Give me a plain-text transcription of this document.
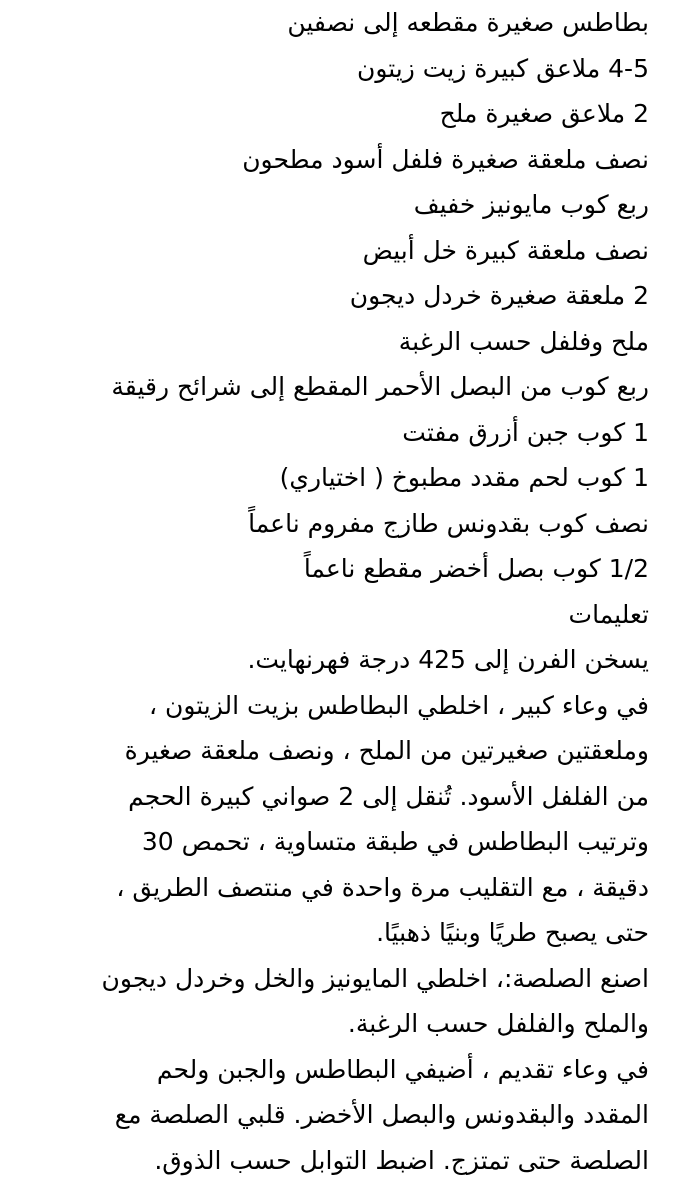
بطاطس صغيرة مقطعه إلى نصفين
4-5 ملاعق كبيرة زيت زيتون
2 ملاعق صغيرة ملح
نصف ملعقة صغيرة فلفل أسود مطحون
ربع كوب مايونيز خفيف
نصف ملعقة كبيرة خل أبيض
2 ملعقة صغيرة خردل ديجون
ملح وفلفل حسب الرغبة
ربع كوب من البصل الأحمر المقطع إلى شرائح رقيقة
1 كوب جبن أزرق مفتت
1 كوب لحم مقدد مطبوخ ( اختياري)
نصف كوب بقدونس طازج مفروم ناعماً
1/2 كوب بصل أخضر مقطع ناعماً
تعليمات
يسخن الفرن إلى 425 درجة فهرنهايت.
في وعاء كبير ، اخلطي البطاطس بزيت الزيتون ،
وملعقتين صغيرتين من الملح ، ونصف ملعقة صغيرة
من الفلفل الأسود. تُنقل إلى 2 صواني كبيرة الحجم
وترتيب البطاطس في طبقة متساوية ، تحمص 30
دقيقة ، مع التقليب مرة واحدة في منتصف الطريق ،
حتى يصبح طريًا وبنيًا ذهبيًا.
اصنع الصلصة:، اخلطي المايونيز والخل وخردل ديجون
والملح والفلفل حسب الرغبة.
في وعاء تقديم ، أضيفي البطاطس والجبن ولحم
المقدد والبقدونس والبصل الأخضر. قلبي الصلصة مع
الصلصة حتى تمتزج. اضبط التوابل حسب الذوق.
